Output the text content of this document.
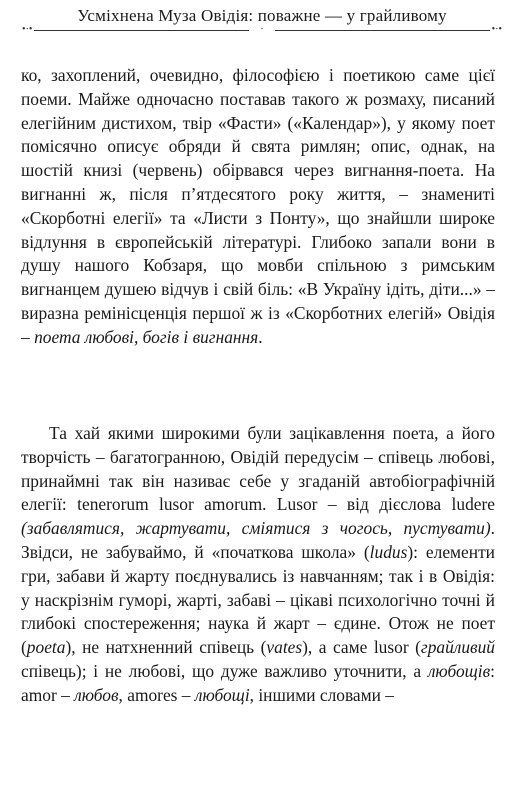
•⋅•	⋅	•⋅•
Усміхнена Муза Овідія: поважне — у грайливому

ко, захоплений, очевидно, філософією і поетикою саме цієї поеми. Майже одночасно поставав такого ж розмаху, писаний елегійним дистихом, твір «Фасти» («Календар»), у якому поет помісячно описує обряди й свята римлян; опис, однак, на шостій книзі (червень) обірвався через вигнання-поета. На вигнанні ж, після п’ятдесятого року життя, – знамениті «Скорботні елегії» та «Листи з Понту», що знайшли широке відлуння в європейській літературі. Глибоко запали вони в душу нашого Кобзаря, що мовби спільною з римським вигнанцем душею відчув і свій біль: «В Україну ідіть, діти...» – виразна ремінісценція першої ж із «Скорботних елегій» Овідія – поета любові, богів і вигнання.

Та хай якими широкими були зацікавлення поета, а його творчість – багатогранною, Овідій передусім – співець любові, принаймні так він називає себе у згаданій автобіографічній елегії: tenerorum lusor amorum. Lusor – від дієслова ludere (забавлятися, жартувати, сміятися з чогось, пустувати). Звідси, не забуваймо, й «початкова школа» (ludus): елементи гри, забави й жарту поєднувались із навчанням; так і в Овідія: у наскрізнім гуморі, жарті, забаві – цікаві психологічно точні й глибокі спостереження; наука й жарт – єдине. Отож не поет (poeta), не натхненний співець (vates), а саме lusor (грайливий співець); і не любові, що дуже важливо уточнити, а любощів: amor – любов, amores – любощі, іншими словами –
